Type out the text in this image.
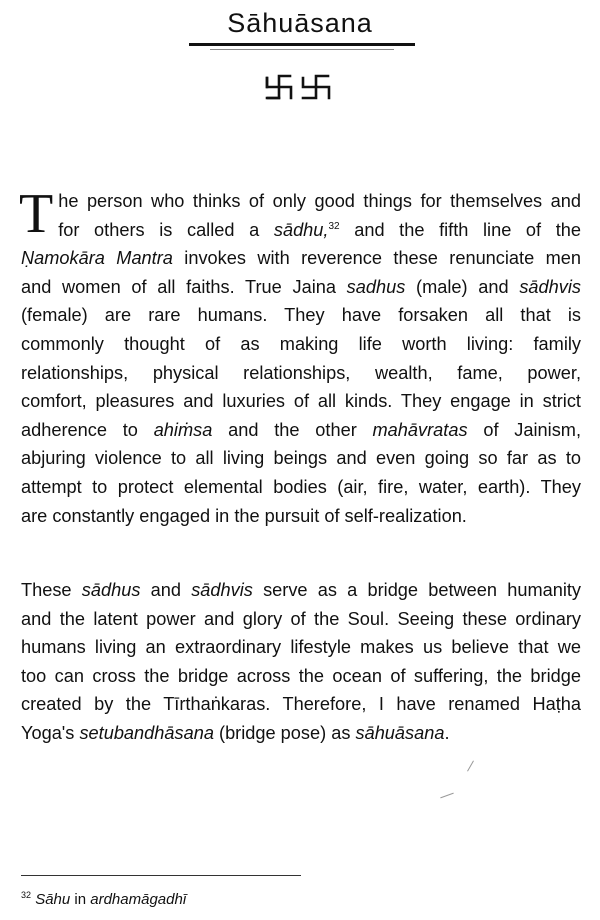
Sāhuāsana
T he person who thinks of only good things for themselves and
for others is called a sādhu,$^{32}$ and the fifth line of the
Ṇamokāra Mantra invokes with reverence these renunciate men
and women of all faiths. True Jaina sadhus (male) and sādhvis
(female) are rare humans. They have forsaken all that is
commonly thought of as making life worth living: family
relationships, physical relationships, wealth, fame, power,
comfort, pleasures and luxuries of all kinds. They engage in strict
adherence to ahiṁsa and the other mahāvratas of Jainism,
abjuring violence to all living beings and even going so far as to
attempt to protect elemental bodies (air, fire, water, earth). They
are constantly engaged in the pursuit of self-realization.
These sādhus and sādhvis serve as a bridge between humanity
and the latent power and glory of the Soul. Seeing these ordinary
humans living an extraordinary lifestyle makes us believe that we
too can cross the bridge across the ocean of suffering, the bridge
created by the Tīrthaṅkaras. Therefore, I have renamed Haṭha
Yoga's setubandhāsana (bridge pose) as sāhuāsana.
$^{32}$ Sāhu in ardhamāgadhī
